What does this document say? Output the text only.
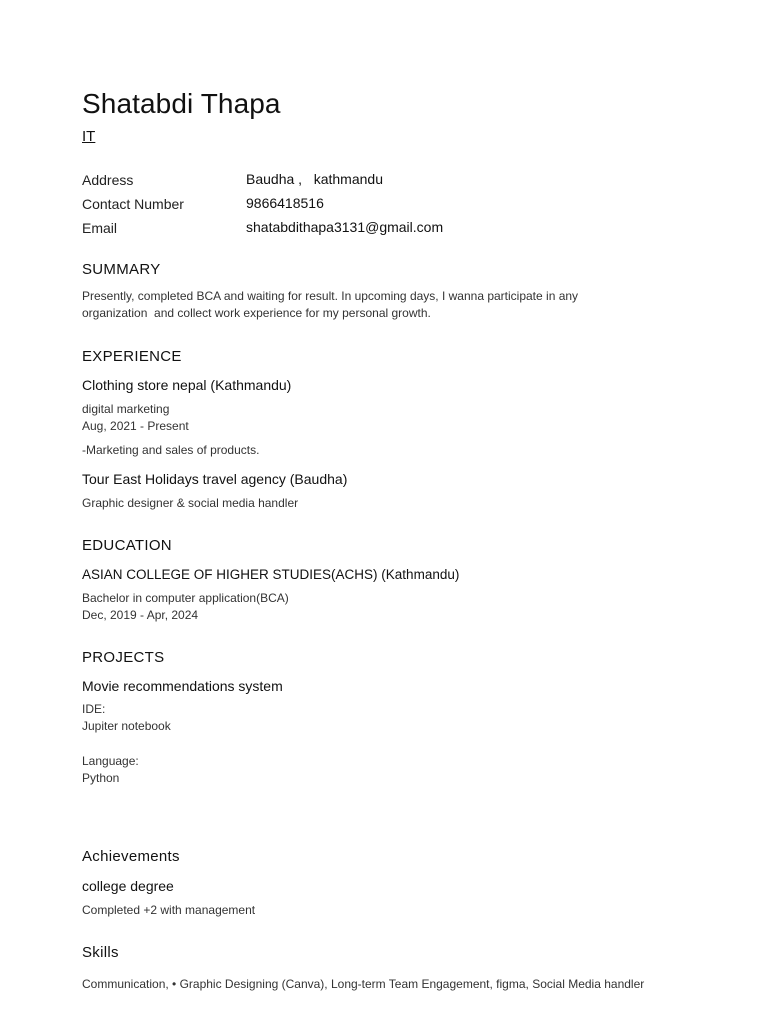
Shatabdi Thapa
IT
Address	Baudha ,   kathmandu
Contact Number	9866418516
Email	shatabdithapa3131@gmail.com
SUMMARY
Presently, completed BCA and waiting for result. In upcoming days, I wanna participate in any organization  and collect work experience for my personal growth.
EXPERIENCE
Clothing store nepal (Kathmandu)
digital marketing
Aug, 2021 - Present
-Marketing and sales of products.
Tour East Holidays travel agency (Baudha)
Graphic designer & social media handler
EDUCATION
ASIAN COLLEGE OF HIGHER STUDIES(ACHS) (Kathmandu)
Bachelor in computer application(BCA)
Dec, 2019 - Apr, 2024
PROJECTS
Movie recommendations system
IDE:
Jupiter notebook
Language:
Python
Achievements
college degree
Completed +2 with management
Skills
Communication, • Graphic Designing (Canva), Long-term Team Engagement, figma, Social Media handler
